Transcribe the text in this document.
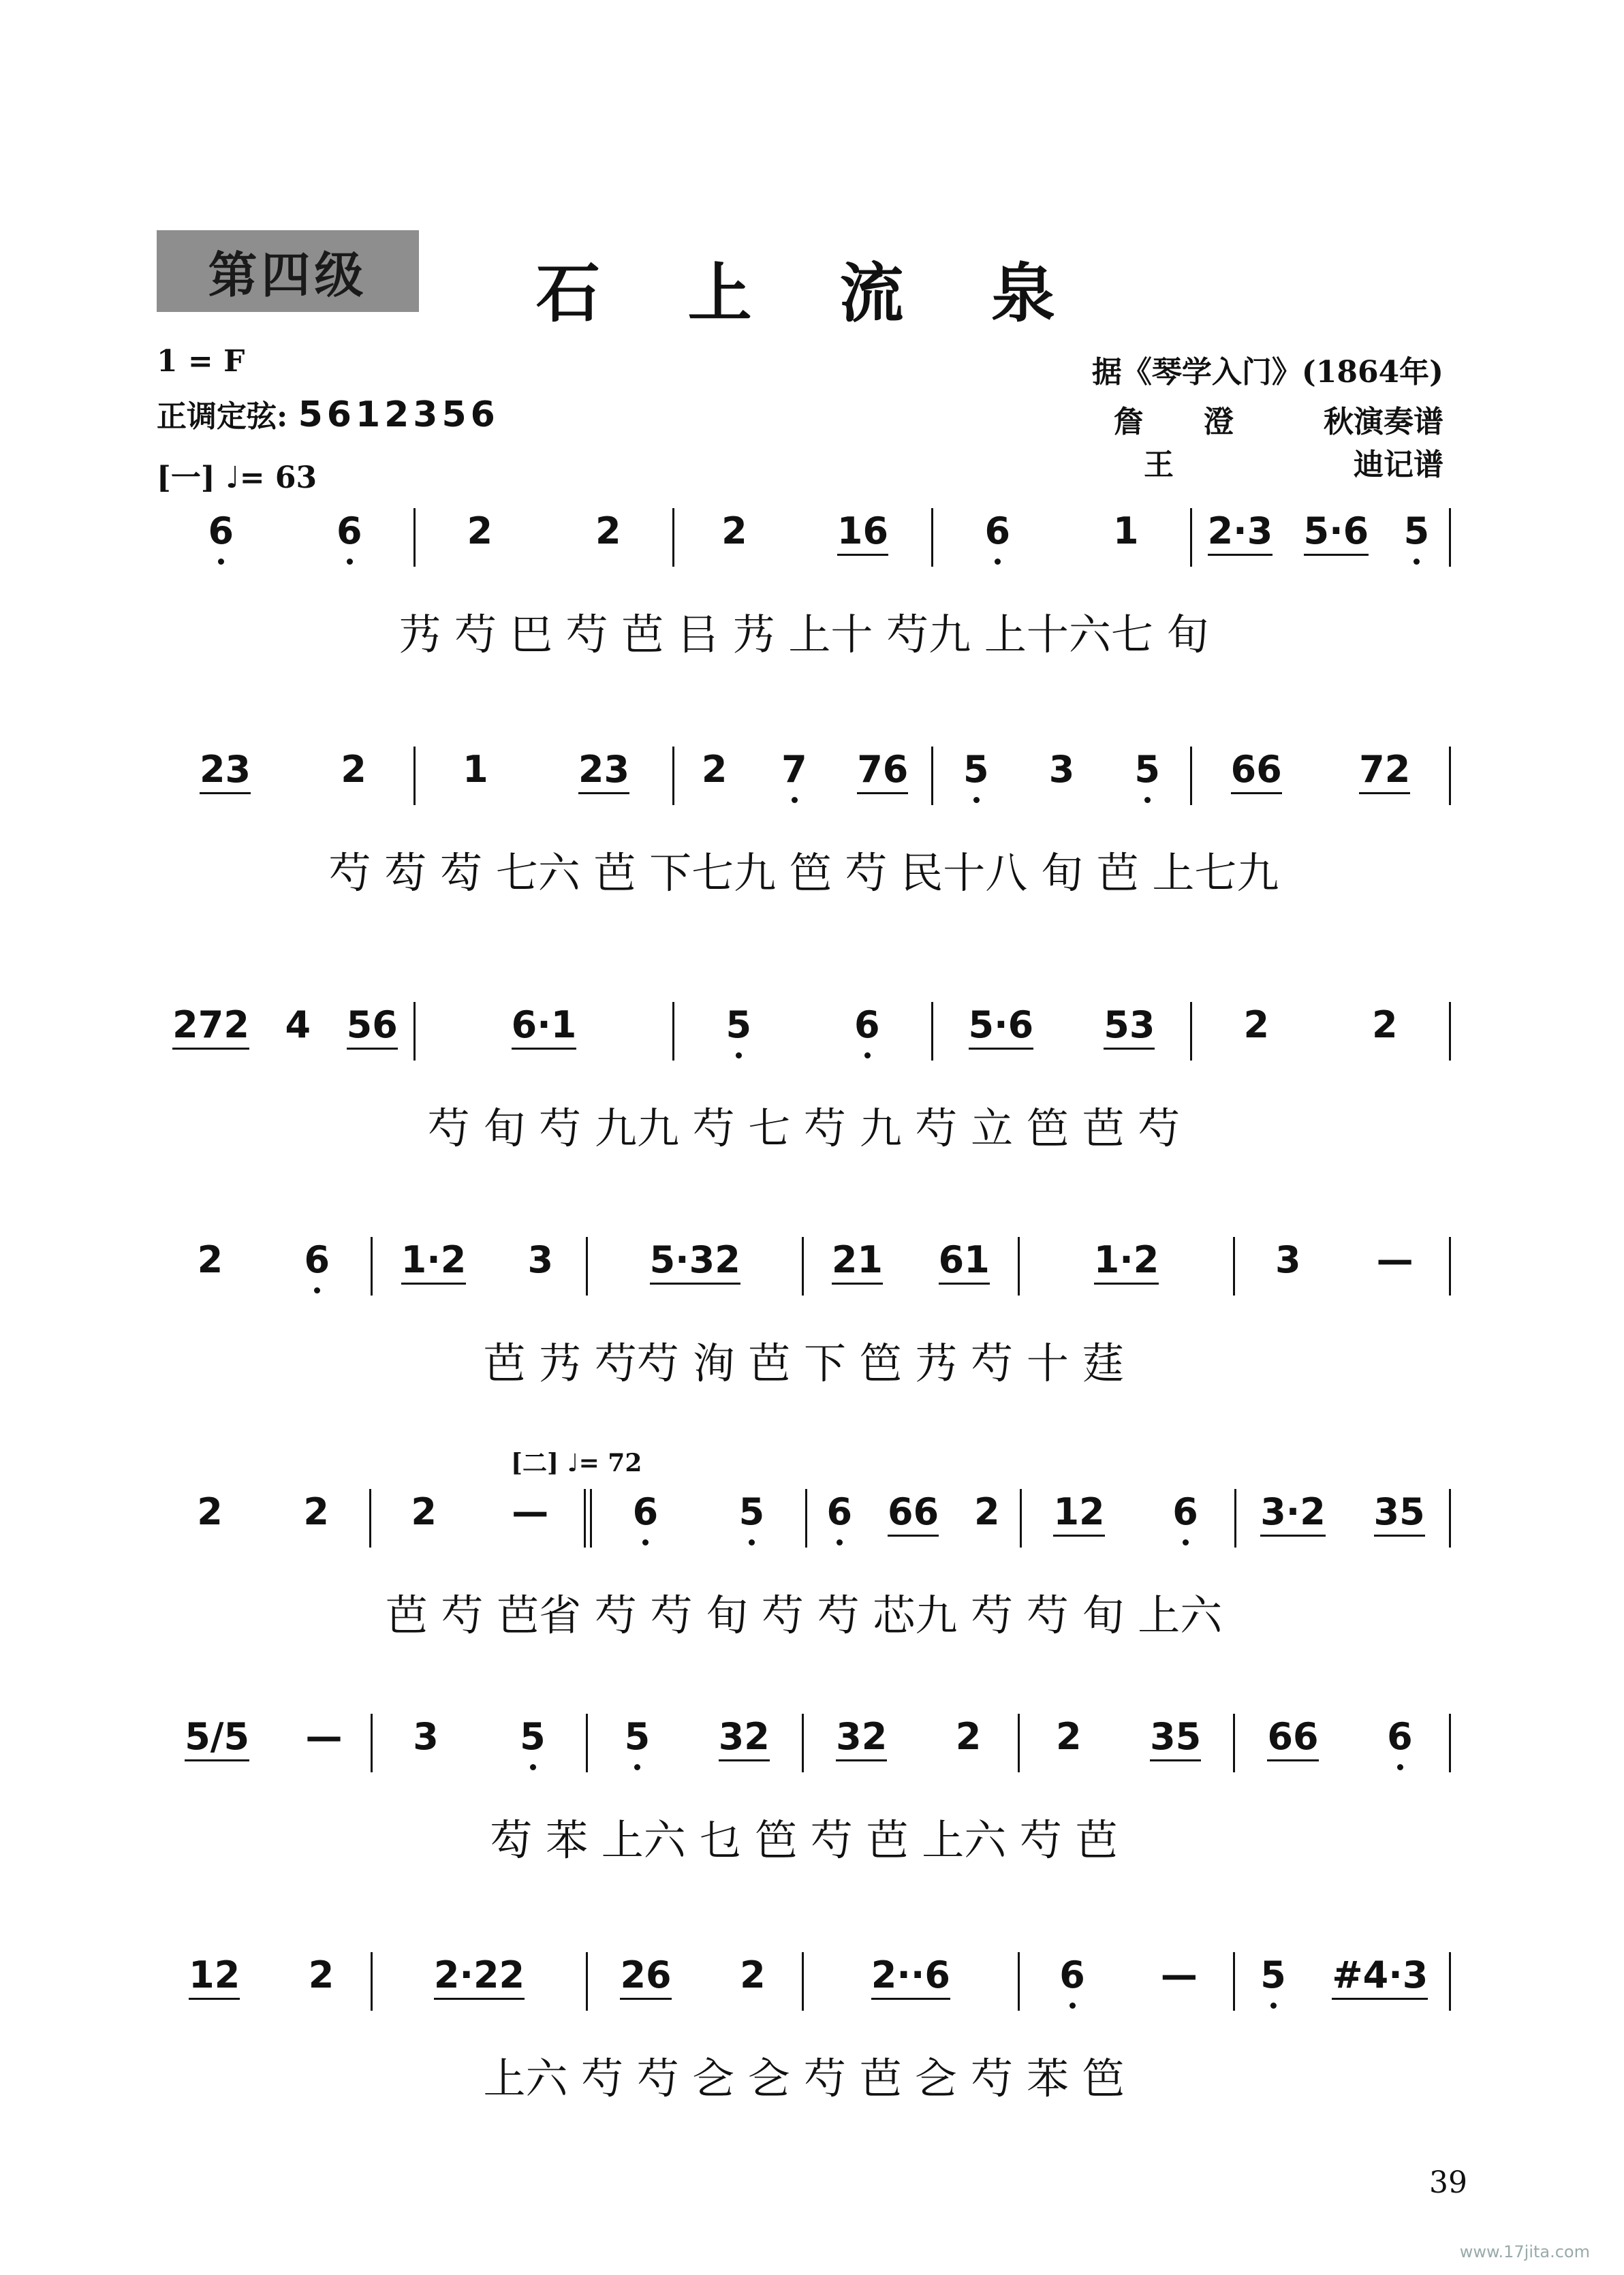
第四级	石 上 流 泉
1 = F
正调定弦: 5612356
[一] ♩= 63
据《琴学入门》(1864年)
詹　　澄　　　秋演奏谱
王　　　　　　迪记谱
[二] ♩= 72
6	6	2	2	2 16	6	1 2·3 5·6 5
艿 芍 巴 芍 芭 㠯 艿 上十 芍九 上十六七 旬
23 2	1 23 2 7 76 5 3 5 66 72
芍 芶 芶 七六 芭 下七九 笆 芍 民十八 旬 芭 上七九
272 4 56	6·1	5	6 5·6 53 2	2
芍 旬 芍 九九 芍 七 芍 九 芍 立 笆 芭 芍
2 6 1·2 3	5·32 21 61	1·2	3 —
芭 艿 芍芍 洵 芭 下 笆 艿 芍 十 莛
2 2 2 — 6 5 6 66 2 12 6 3·2 35
芭 芍 芭省 芍 芍 旬 芍 芍 芯九 芍 芍 旬 上六
5/5 — 3 5 5 32 32 2 2 35 66 6
芶 苯 上六 乜 笆 芍 芭 上六 芍 芭
12 2	2·22	26 2	2··6	6 — 5 #4·3
上六 芍 芍 㐈 㐈 芍 芭 㐈 芍 苯 笆
39
www.17jita.com
